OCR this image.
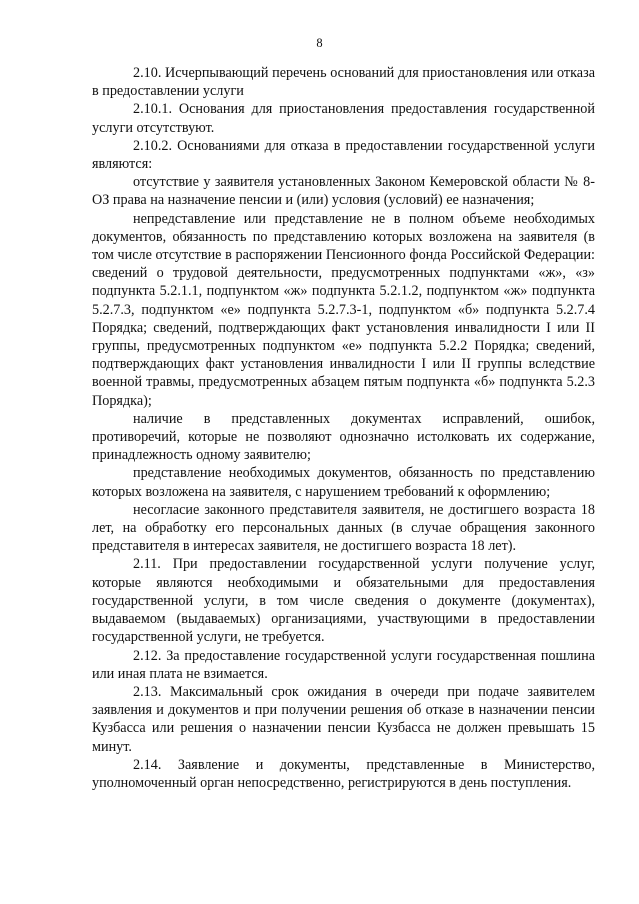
8

2.10. Исчерпывающий перечень оснований для приостановления или отказа в предоставлении услуги

2.10.1. Основания для приостановления предоставления государственной услуги отсутствуют.

2.10.2. Основаниями для отказа в предоставлении государственной услуги являются:

отсутствие у заявителя установленных Законом Кемеровской области № 8-ОЗ права на назначение пенсии и (или) условия (условий) ее назначения;

непредставление или представление не в полном объеме необходимых документов, обязанность по представлению которых возложена на заявителя (в том числе отсутствие в распоряжении Пенсионного фонда Российской Федерации: сведений о трудовой деятельности, предусмотренных подпунктами «ж», «з» подпункта 5.2.1.1, подпунктом «ж» подпункта 5.2.1.2, подпунктом «ж» подпункта 5.2.7.3, подпунктом «е» подпункта 5.2.7.3-1, подпунктом «б» подпункта 5.2.7.4 Порядка; сведений, подтверждающих факт установления инвалидности I или II группы, предусмотренных подпунктом «е» подпункта 5.2.2 Порядка; сведений, подтверждающих факт установления инвалидности I или II группы вследствие военной травмы, предусмотренных абзацем пятым подпункта «б» подпункта 5.2.3 Порядка);

наличие в представленных документах исправлений, ошибок, противоречий, которые не позволяют однозначно истолковать их содержание, принадлежность одному заявителю;

представление необходимых документов, обязанность по представлению которых возложена на заявителя, с нарушением требований к оформлению;

несогласие законного представителя заявителя, не достигшего возраста 18 лет, на обработку его персональных данных (в случае обращения законного представителя в интересах заявителя, не достигшего возраста 18 лет).

2.11. При предоставлении государственной услуги получение услуг, которые являются необходимыми и обязательными для предоставления государственной услуги, в том числе сведения о документе (документах), выдаваемом (выдаваемых) организациями, участвующими в предоставлении государственной услуги, не требуется.

2.12. За предоставление государственной услуги государственная пошлина или иная плата не взимается.

2.13. Максимальный срок ожидания в очереди при подаче заявителем заявления и документов и при получении решения об отказе в назначении пенсии Кузбасса или решения о назначении пенсии Кузбасса не должен превышать 15 минут.

2.14. Заявление и документы, представленные в Министерство, уполномоченный орган непосредственно, регистрируются в день поступления.
